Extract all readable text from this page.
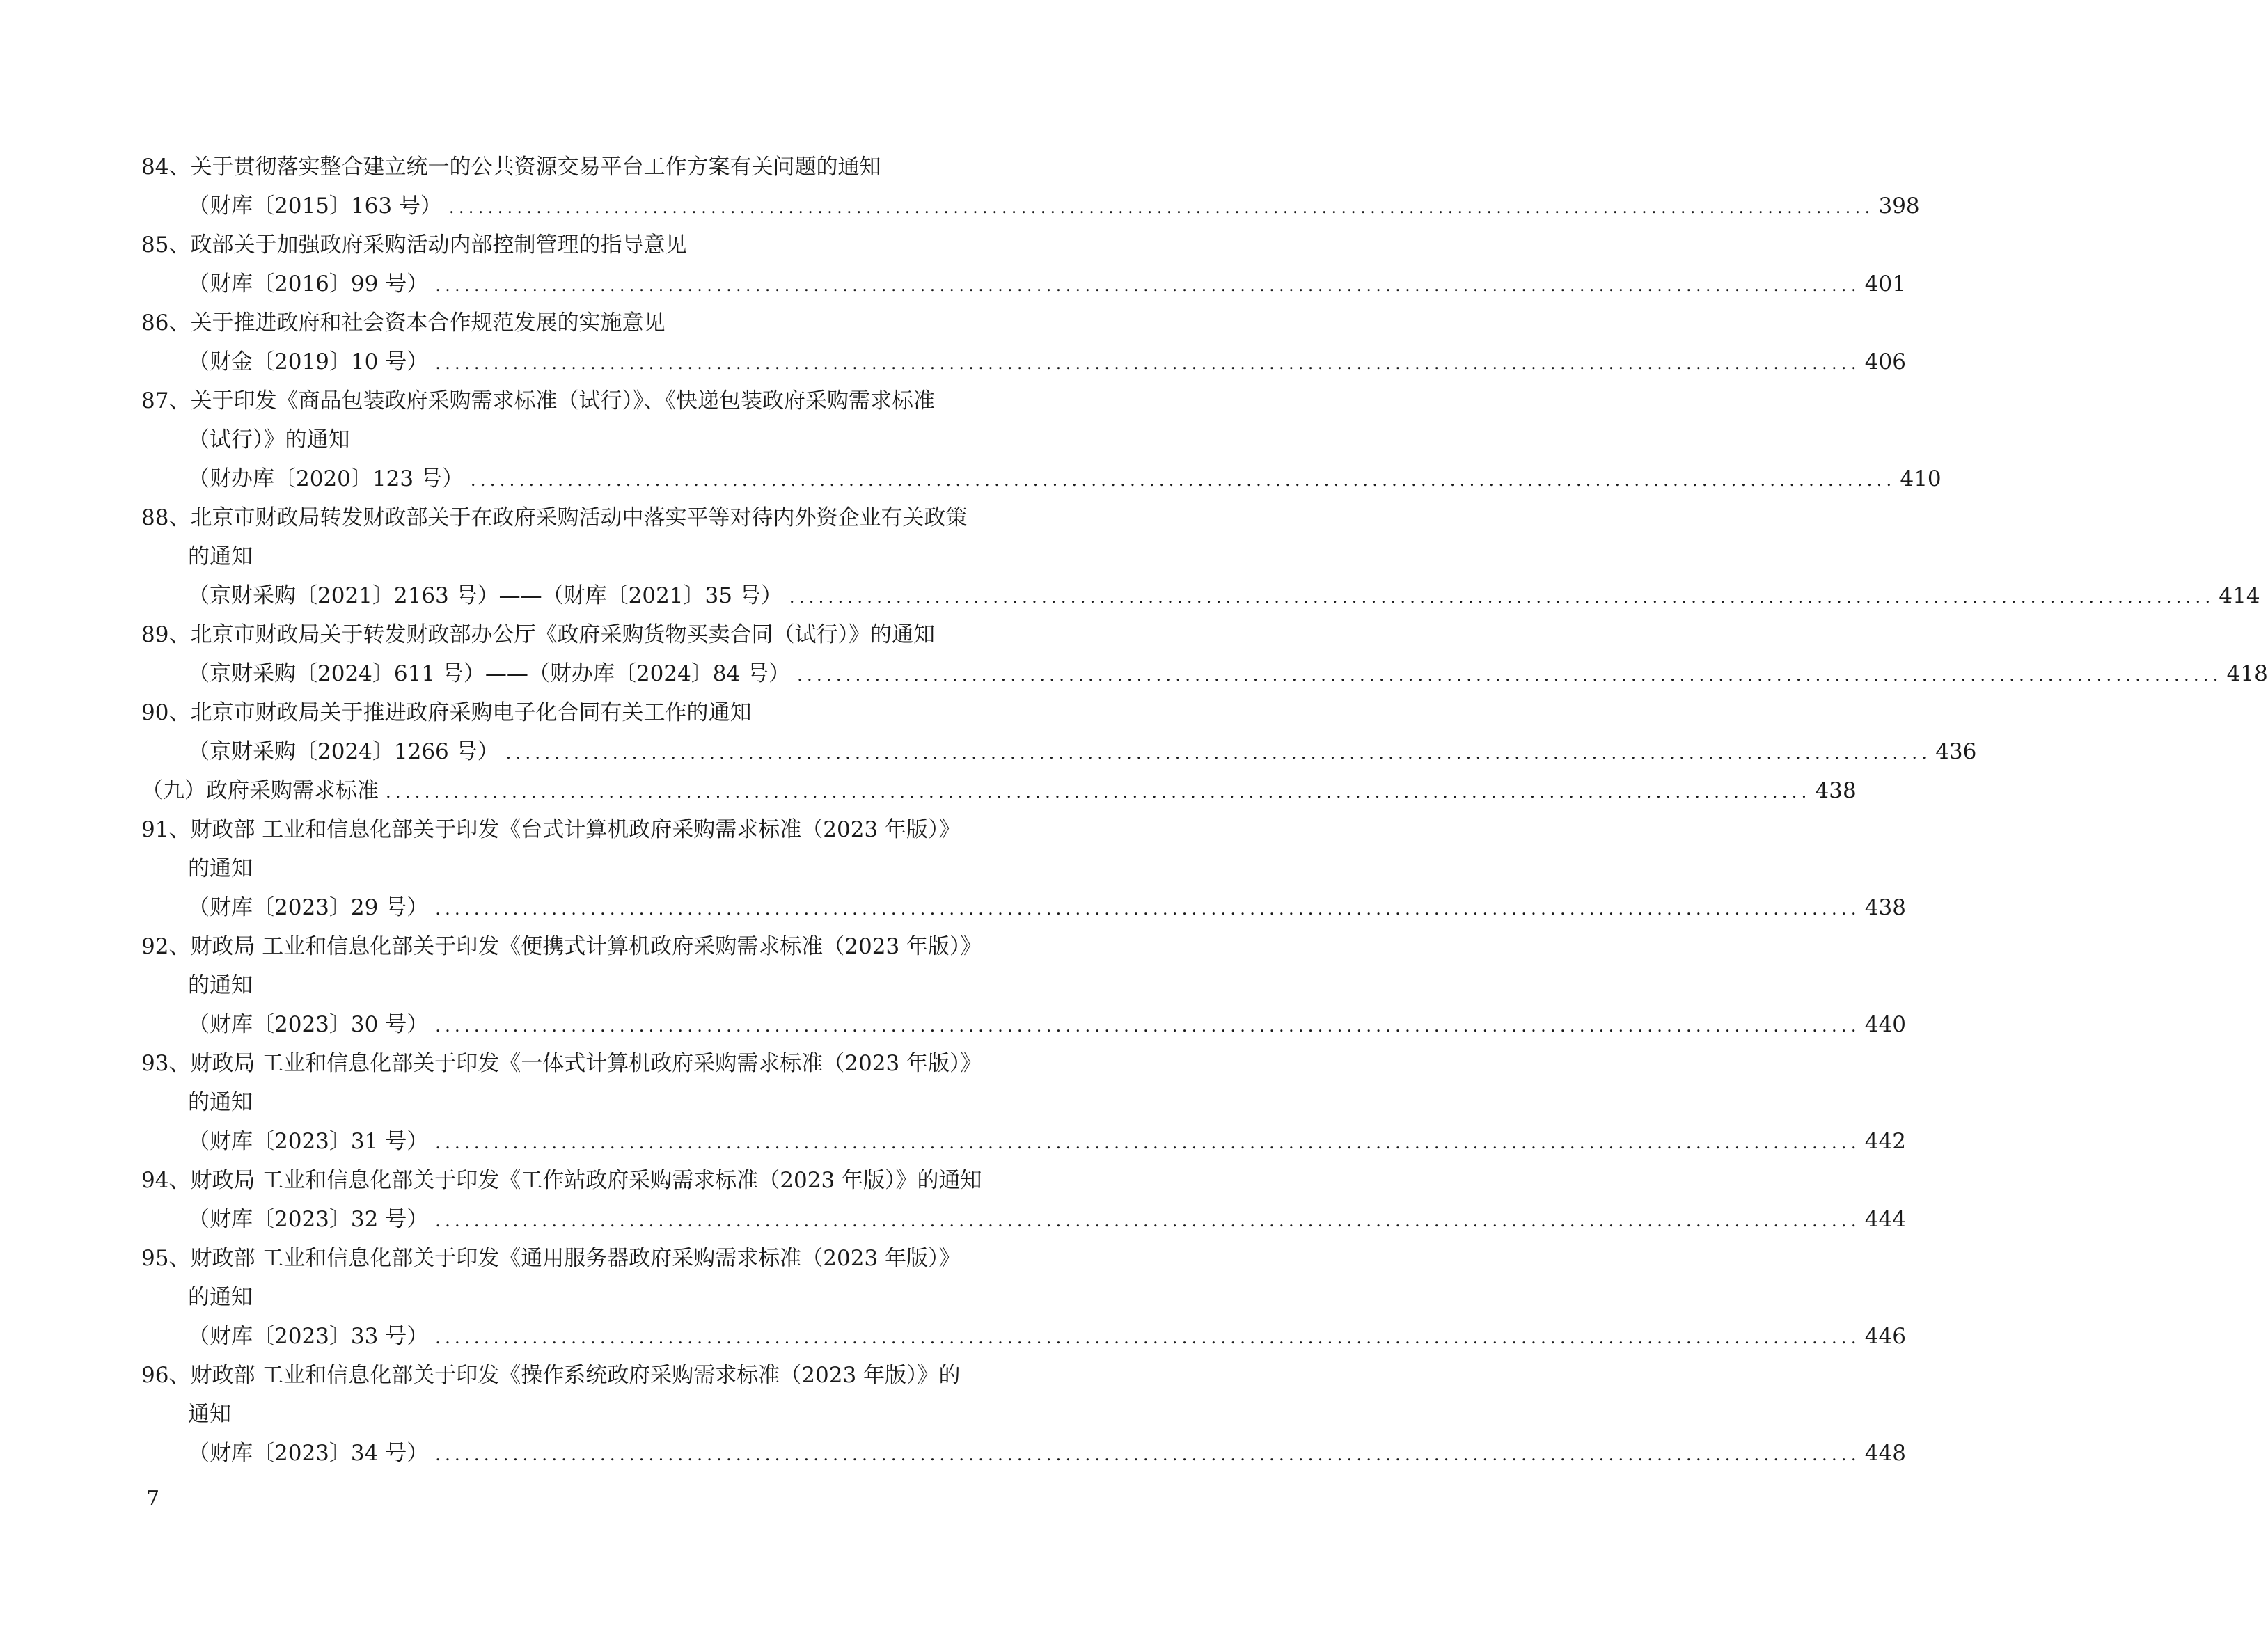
84、关于贯彻落实整合建立统一的公共资源交易平台工作方案有关问题的通知
（财库〔2015〕163 号） ................................................................................................................................................... 398
85、政部关于加强政府采购活动内部控制管理的指导意见
（财库〔2016〕99 号） ................................................................................................................................................... 401
86、关于推进政府和社会资本合作规范发展的实施意见
（财金〔2019〕10 号） ................................................................................................................................................... 406
87、关于印发《商品包装政府采购需求标准（试行）》、《快递包装政府采购需求标准
（试行）》的通知
（财办库〔2020〕123 号） ................................................................................................................................................... 410
88、北京市财政局转发财政部关于在政府采购活动中落实平等对待内外资企业有关政策
的通知
（京财采购〔2021〕2163 号）——（财库〔2021〕35 号） ................................................................................................................................................... 414
89、北京市财政局关于转发财政部办公厅《政府采购货物买卖合同（试行）》的通知
（京财采购〔2024〕611 号）——（财办库〔2024〕84 号） ................................................................................................................................................... 418
90、北京市财政局关于推进政府采购电子化合同有关工作的通知
（京财采购〔2024〕1266 号） ................................................................................................................................................... 436
（九）政府采购需求标准 ................................................................................................................................................... 438
91、财政部 工业和信息化部关于印发《台式计算机政府采购需求标准（2023 年版）》
的通知
（财库〔2023〕29 号） ................................................................................................................................................... 438
92、财政局 工业和信息化部关于印发《便携式计算机政府采购需求标准（2023 年版）》
的通知
（财库〔2023〕30 号） ................................................................................................................................................... 440
93、财政局 工业和信息化部关于印发《一体式计算机政府采购需求标准（2023 年版）》
的通知
（财库〔2023〕31 号） ................................................................................................................................................... 442
94、财政局 工业和信息化部关于印发《工作站政府采购需求标准（2023 年版）》的通知
（财库〔2023〕32 号） ................................................................................................................................................... 444
95、财政部 工业和信息化部关于印发《通用服务器政府采购需求标准（2023 年版）》
的通知
（财库〔2023〕33 号） ................................................................................................................................................... 446
96、财政部 工业和信息化部关于印发《操作系统政府采购需求标准（2023 年版）》的
通知
（财库〔2023〕34 号） ................................................................................................................................................... 448
7
